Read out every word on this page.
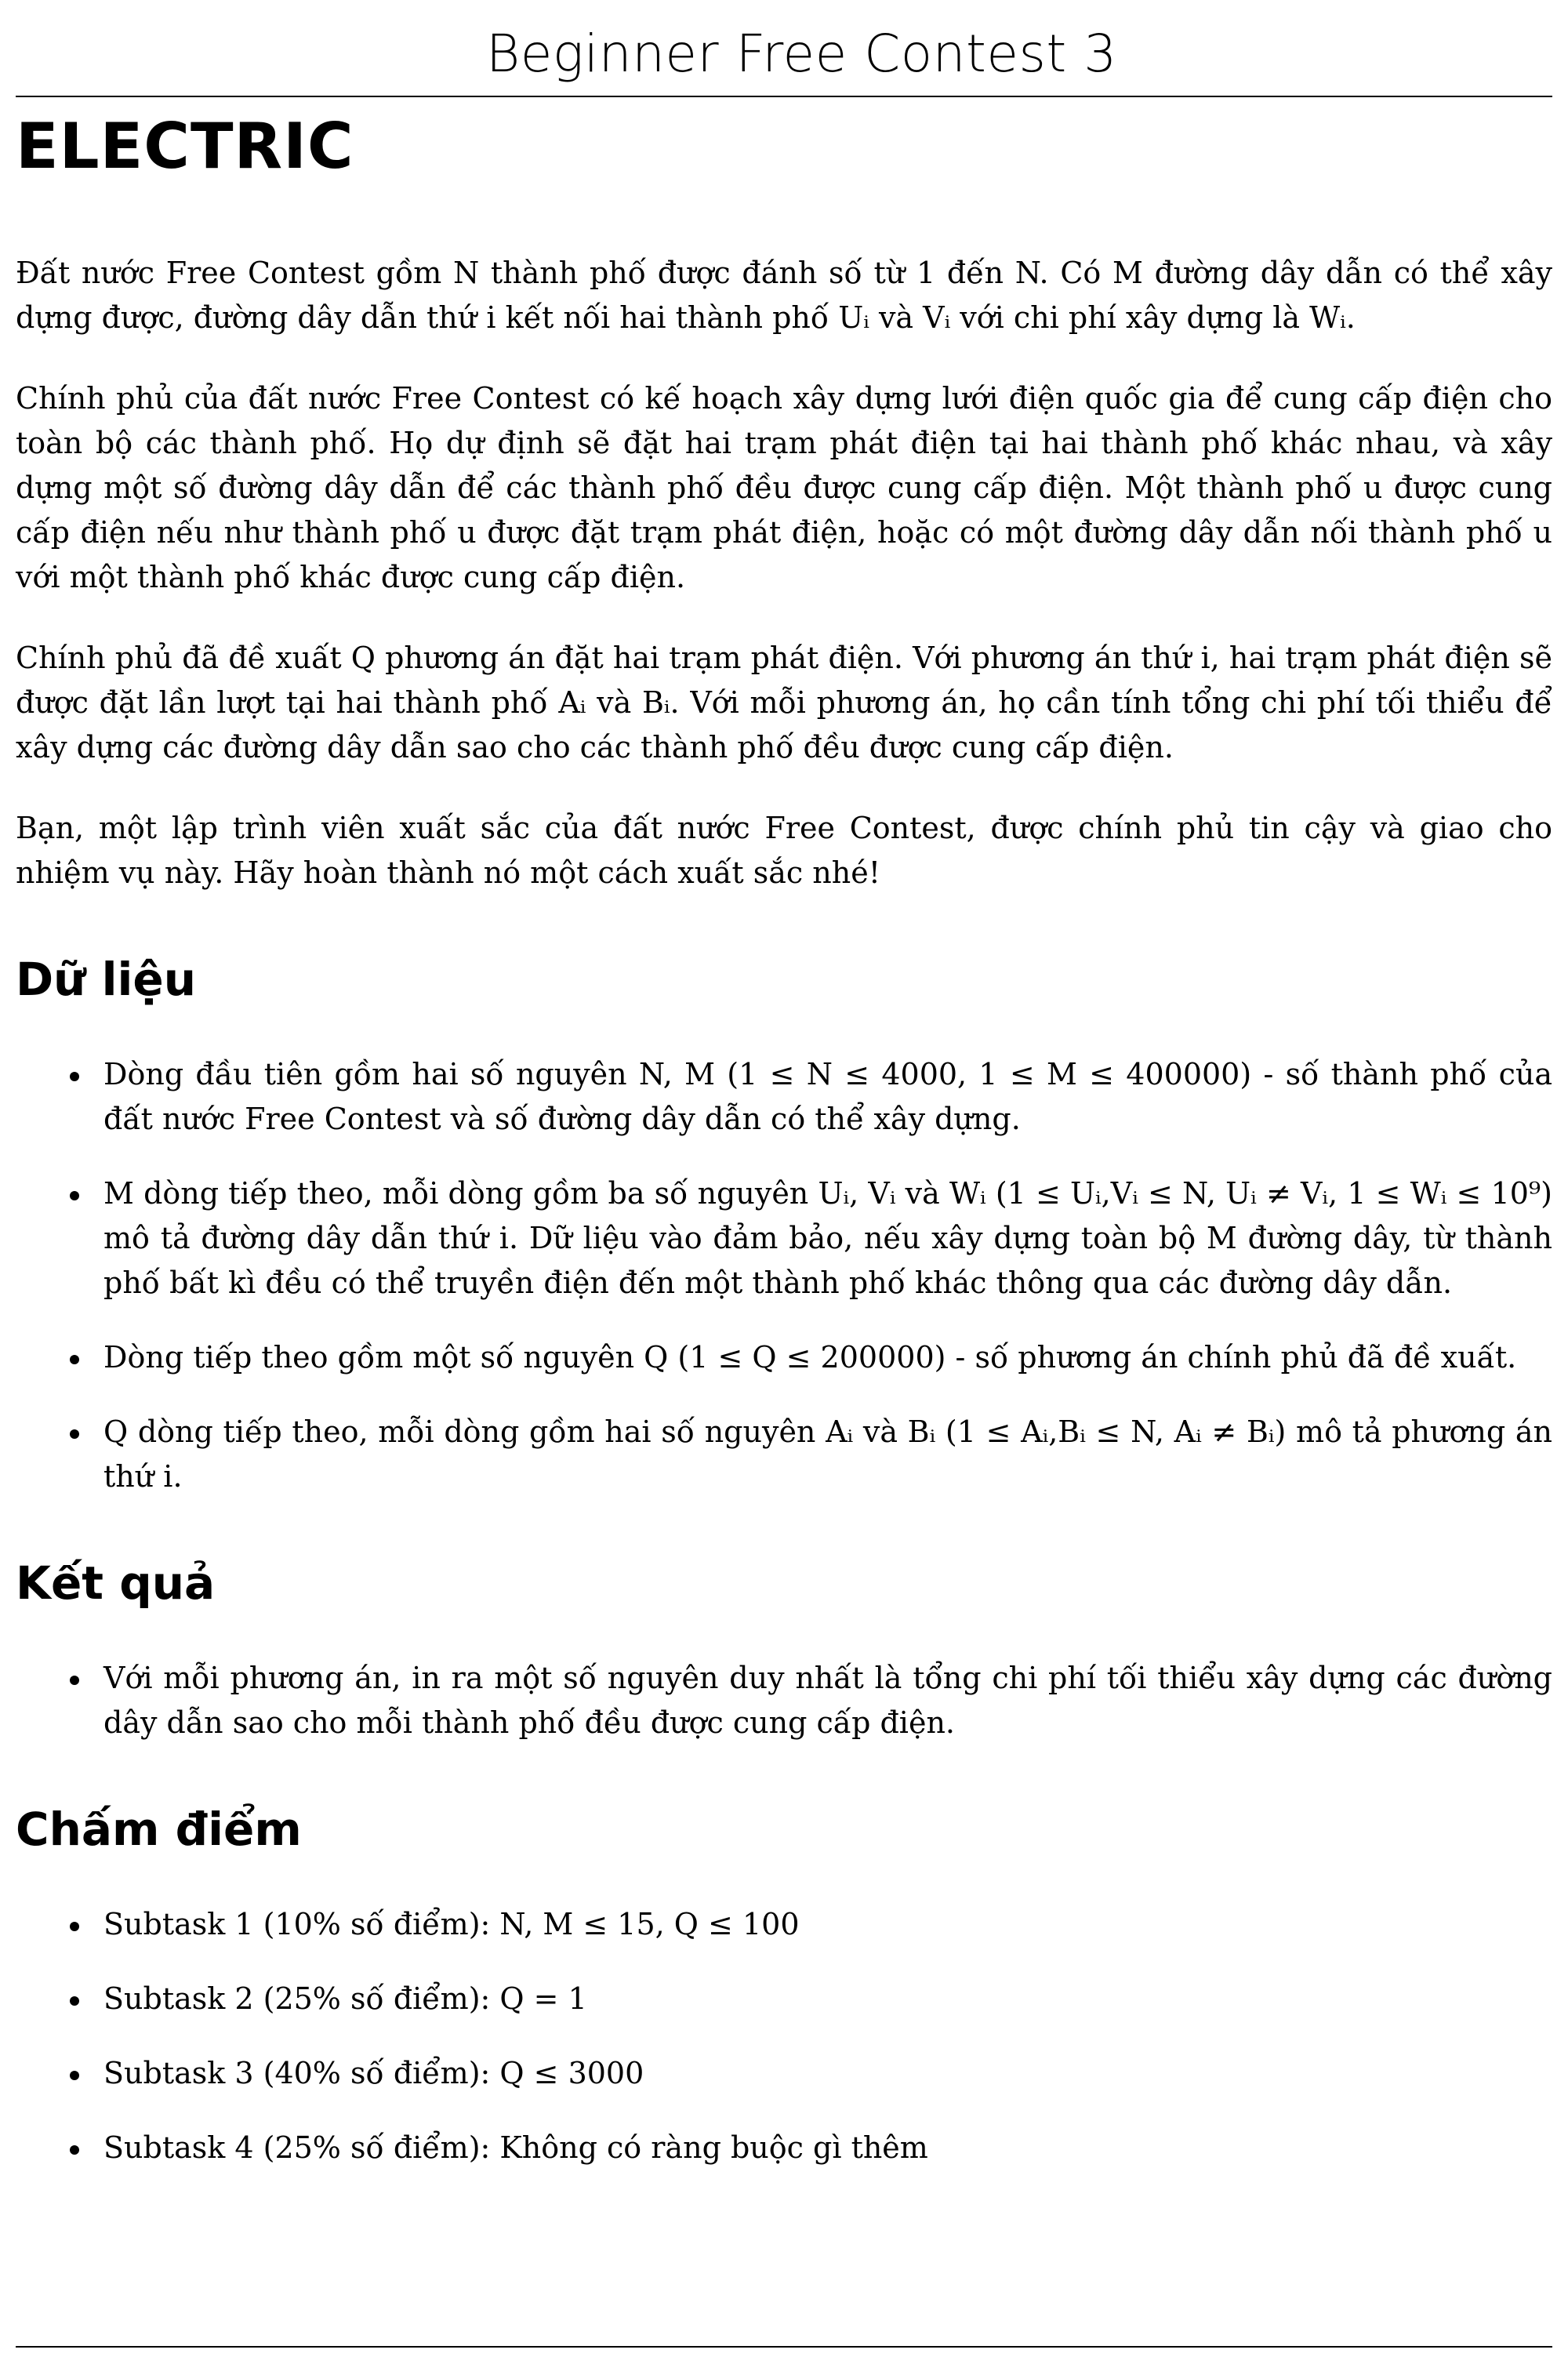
Beginner Free Contest 3
ELECTRIC

Đất nước Free Contest gồm N thành phố được đánh số từ 1 đến N. Có M đường dây dẫn có thể xây dựng được, đường dây dẫn thứ i kết nối hai thành phố Uᵢ và Vᵢ với chi phí xây dựng là Wᵢ.

Chính phủ của đất nước Free Contest có kế hoạch xây dựng lưới điện quốc gia để cung cấp điện cho toàn bộ các thành phố. Họ dự định sẽ đặt hai trạm phát điện tại hai thành phố khác nhau, và xây dựng một số đường dây dẫn để các thành phố đều được cung cấp điện. Một thành phố u được cung cấp điện nếu như thành phố u được đặt trạm phát điện, hoặc có một đường dây dẫn nối thành phố u với một thành phố khác được cung cấp điện.

Chính phủ đã đề xuất Q phương án đặt hai trạm phát điện. Với phương án thứ i, hai trạm phát điện sẽ được đặt lần lượt tại hai thành phố Aᵢ và Bᵢ. Với mỗi phương án, họ cần tính tổng chi phí tối thiểu để xây dựng các đường dây dẫn sao cho các thành phố đều được cung cấp điện.

Bạn, một lập trình viên xuất sắc của đất nước Free Contest, được chính phủ tin cậy và giao cho nhiệm vụ này. Hãy hoàn thành nó một cách xuất sắc nhé!

Dữ liệu
Dòng đầu tiên gồm hai số nguyên N, M (1 ≤ N ≤ 4000, 1 ≤ M ≤ 400000) - số thành phố của đất nước Free Contest và số đường dây dẫn có thể xây dựng.
M dòng tiếp theo, mỗi dòng gồm ba số nguyên Uᵢ, Vᵢ và Wᵢ (1 ≤ Uᵢ,Vᵢ ≤ N, Uᵢ ≠ Vᵢ, 1 ≤ Wᵢ ≤ 10⁹) mô tả đường dây dẫn thứ i. Dữ liệu vào đảm bảo, nếu xây dựng toàn bộ M đường dây, từ thành phố bất kì đều có thể truyền điện đến một thành phố khác thông qua các đường dây dẫn.
Dòng tiếp theo gồm một số nguyên Q (1 ≤ Q ≤ 200000) - số phương án chính phủ đã đề xuất.
Q dòng tiếp theo, mỗi dòng gồm hai số nguyên Aᵢ và Bᵢ (1 ≤ Aᵢ,Bᵢ ≤ N, Aᵢ ≠ Bᵢ) mô tả phương án thứ i.
Kết quả
Với mỗi phương án, in ra một số nguyên duy nhất là tổng chi phí tối thiểu xây dựng các đường dây dẫn sao cho mỗi thành phố đều được cung cấp điện.
Chấm điểm
Subtask 1 (10% số điểm): N, M ≤ 15, Q ≤ 100
Subtask 2 (25% số điểm): Q = 1
Subtask 3 (40% số điểm): Q ≤ 3000
Subtask 4 (25% số điểm): Không có ràng buộc gì thêm
